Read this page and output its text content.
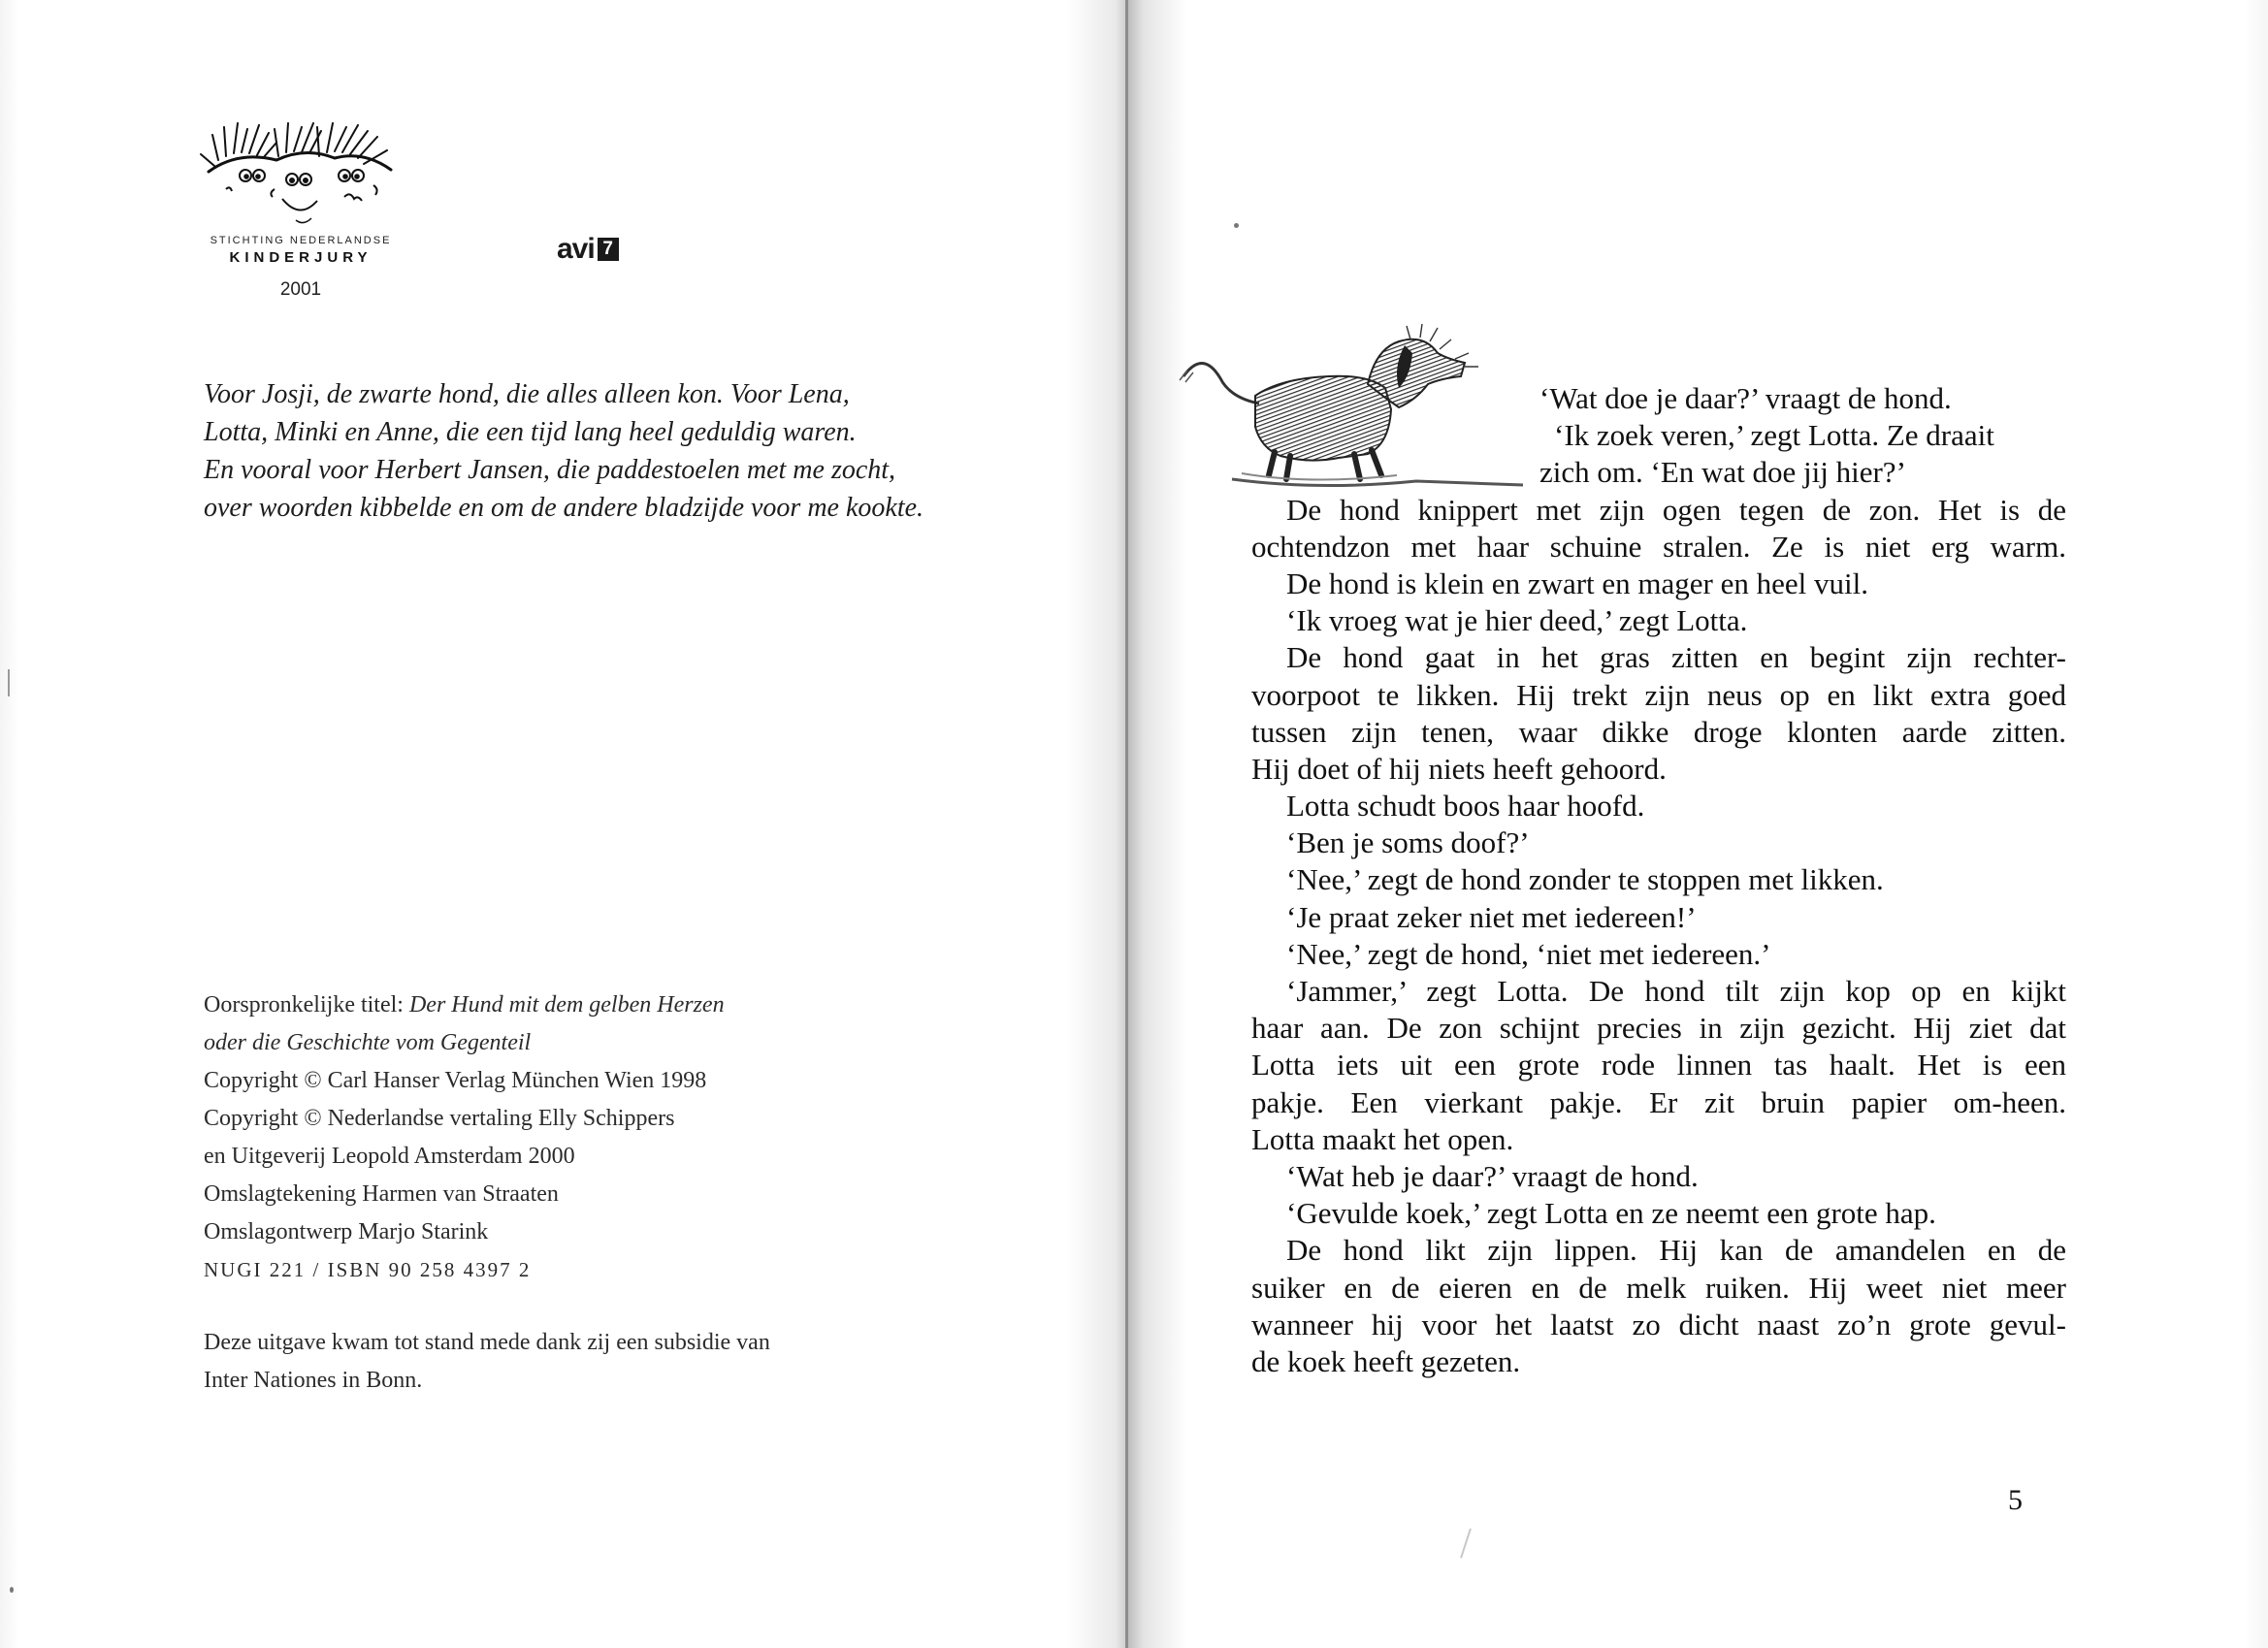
STICHTING NEDERLANDSE
KINDERJURY
2001
avi 7
Voor Josji, de zwarte hond, die alles alleen kon. Voor Lena,
Lotta, Minki en Anne, die een tijd lang heel geduldig waren.
En vooral voor Herbert Jansen, die paddestoelen met me zocht,
over woorden kibbelde en om de andere bladzijde voor me kookte.
Oorspronkelijke titel: Der Hund mit dem gelben Herzen
oder die Geschichte vom Gegenteil
Copyright © Carl Hanser Verlag München Wien 1998
Copyright © Nederlandse vertaling Elly Schippers
en Uitgeverij Leopold Amsterdam 2000
Omslagtekening Harmen van Straaten
Omslagontwerp Marjo Starink
NUGI 221 / ISBN 90 258 4397 2
Deze uitgave kwam tot stand mede dank zij een subsidie van
Inter Nationes in Bonn.
‘Wat doe je daar?’ vraagt de hond.
‘Ik zoek veren,’ zegt Lotta. Ze draait
zich om. ‘En wat doe jij hier?’
De hond knippert met zijn ogen tegen de zon. Het is de
ochtendzon met haar schuine stralen. Ze is niet erg warm.
De hond is klein en zwart en mager en heel vuil.
‘Ik vroeg wat je hier deed,’ zegt Lotta.
De hond gaat in het gras zitten en begint zijn rechter-
voorpoot te likken. Hij trekt zijn neus op en likt extra goed
tussen zijn tenen, waar dikke droge klonten aarde zitten.
Hij doet of hij niets heeft gehoord.
Lotta schudt boos haar hoofd.
‘Ben je soms doof?’
‘Nee,’ zegt de hond zonder te stoppen met likken.
‘Je praat zeker niet met iedereen!’
‘Nee,’ zegt de hond, ‘niet met iedereen.’
‘Jammer,’ zegt Lotta. De hond tilt zijn kop op en kijkt
haar aan. De zon schijnt precies in zijn gezicht. Hij ziet dat
Lotta iets uit een grote rode linnen tas haalt. Het is een
pakje. Een vierkant pakje. Er zit bruin papier om-heen.
Lotta maakt het open.
‘Wat heb je daar?’ vraagt de hond.
‘Gevulde koek,’ zegt Lotta en ze neemt een grote hap.
De hond likt zijn lippen. Hij kan de amandelen en de
suiker en de eieren en de melk ruiken. Hij weet niet meer
wanneer hij voor het laatst zo dicht naast zo’n grote gevul-
de koek heeft gezeten.
5
